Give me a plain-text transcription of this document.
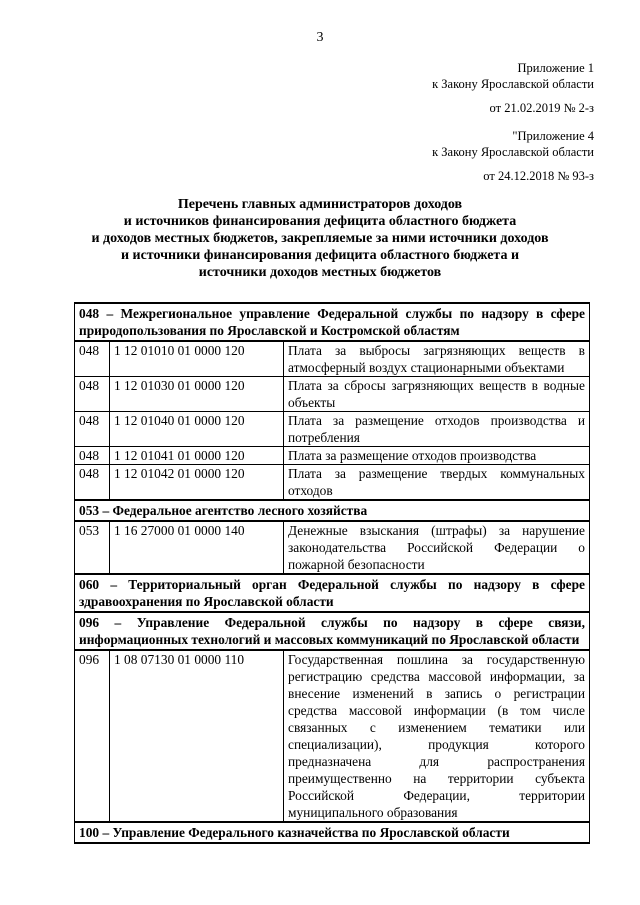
3
Приложение 1
к Закону Ярославской области
от 21.02.2019 № 2-з
"Приложение 4
к Закону Ярославской области
от 24.12.2018 № 93-з
Перечень главных администраторов доходов
и источников финансирования дефицита областного бюджета
и доходов местных бюджетов, закрепляемые за ними источники доходов
и источники финансирования дефицита областного бюджета и
источники доходов местных бюджетов
048 – Межрегиональное управление Федеральной службы по надзору в сфере природопользования по Ярославской и Костромской областям		
048	1 12 01010 01 0000 120	Плата за выбросы загрязняющих веществ в атмосферный воздух стационарными объектами
048	1 12 01030 01 0000 120	Плата за сбросы загрязняющих веществ в водные объекты
048	1 12 01040 01 0000 120	Плата за размещение отходов производства и потребления
048	1 12 01041 01 0000 120	Плата за размещение отходов производства
048	1 12 01042 01 0000 120	Плата за размещение твердых коммунальных отходов
053 – Федеральное агентство лесного хозяйства		
053	1 16 27000 01 0000 140	Денежные взыскания (штрафы) за нарушение законодательства Российской Федерации о пожарной безопасности
060 – Территориальный орган Федеральной службы по надзору в сфере здравоохранения по Ярославской области		
096 – Управление Федеральной службы по надзору в сфере связи, информационных технологий и массовых коммуникаций по Ярославской области		
096	1 08 07130 01 0000 110	Государственная пошлина за государственную регистрацию средства массовой информации, за внесение изменений в запись о регистрации средства массовой информации (в том числе связанных с изменением тематики или специализации), продукция которого предназначена для распространения преимущественно на территории субъекта Российской Федерации, территории муниципального образования
100 – Управление Федерального казначейства по Ярославской области		
